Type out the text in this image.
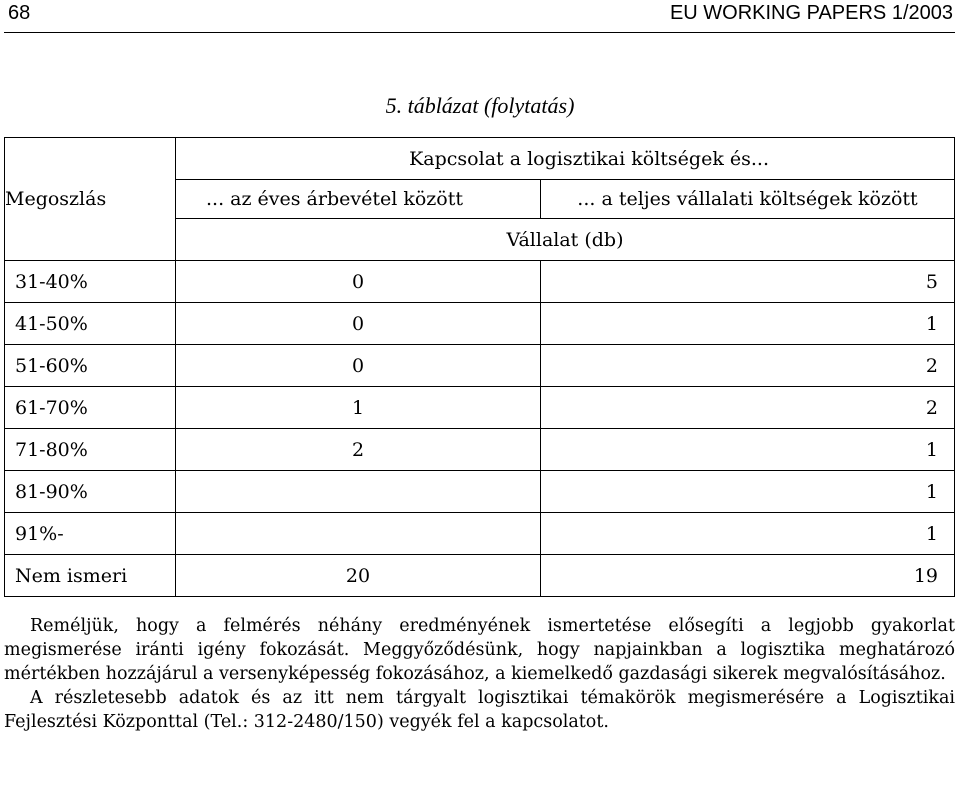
68	EU WORKING PAPERS 1/2003
5. táblázat (folytatás)
Megoszlás	Kapcsolat a logisztikai költségek és...	
	... az éves árbevétel között	... a teljes vállalati költségek között
	Vállalat (db)	
31-40%	0	5
41-50%	0	1
51-60%	0	2
61-70%	1	2
71-80%	2	1
81-90%		1
91%-		1
Nem ismeri	20	19

Reméljük, hogy a felmérés néhány eredményének ismertetése elősegíti a legjobb gyakorlat megismerése iránti igény fokozását. Meggyőződésünk, hogy napjainkban a logisztika meghatározó mértékben hozzájárul a versenyképesség fokozásához, a kiemelkedő gazdasági sikerek megvalósításához.

A részletesebb adatok és az itt nem tárgyalt logisztikai témakörök megismerésére a Logisztikai Fejlesztési Központtal (Tel.: 312-2480/150) vegyék fel a kapcsolatot.
